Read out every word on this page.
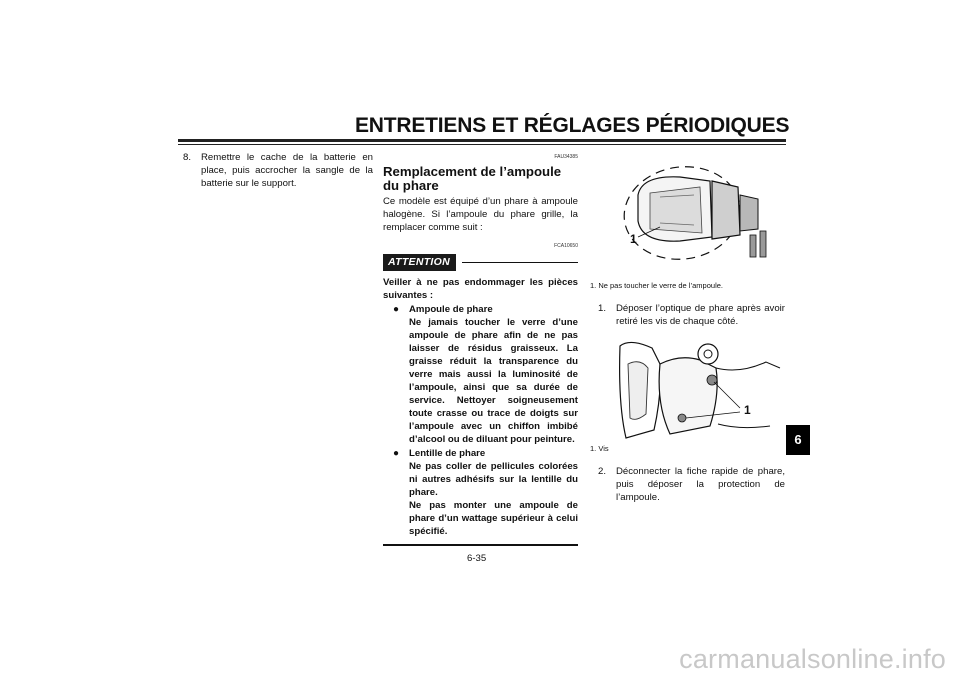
ENTRETIENS ET RÉGLAGES PÉRIODIQUES
8.	Remettre le cache de la batterie en place, puis accrocher la sangle de la batterie sur le support.
FAU34385
Remplacement de l’ampoule du phare

Ce modèle est équipé d’un phare à ampoule halogène. Si l’ampoule du phare grille, la remplacer comme suit :

FCA10650
ATTENTION

Veiller à ne pas endommager les pièces suivantes :

●	Ampoule de phare
Ne jamais toucher le verre d’une ampoule de phare afin de ne pas laisser de résidus graisseux. La graisse réduit la transparence du verre mais aussi la luminosité de l’ampoule, ainsi que sa durée de service. Nettoyer soigneusement toute crasse ou trace de doigts sur l’ampoule avec un chiffon imbibé d’alcool ou de diluant pour peinture.
●	Lentille de phare
Ne pas coller de pellicules colorées ni autres adhésifs sur la lentille du phare.
Ne pas monter une ampoule de phare d’un wattage supérieur à celui spécifié.
1
1. Ne pas toucher le verre de l’ampoule.
1.	Déposer l’optique de phare après avoir retiré les vis de chaque côté.
1
1. Vis
2.	Déconnecter la fiche rapide de phare, puis déposer la protection de l’ampoule.
6
6-35
carmanualsonline.info
